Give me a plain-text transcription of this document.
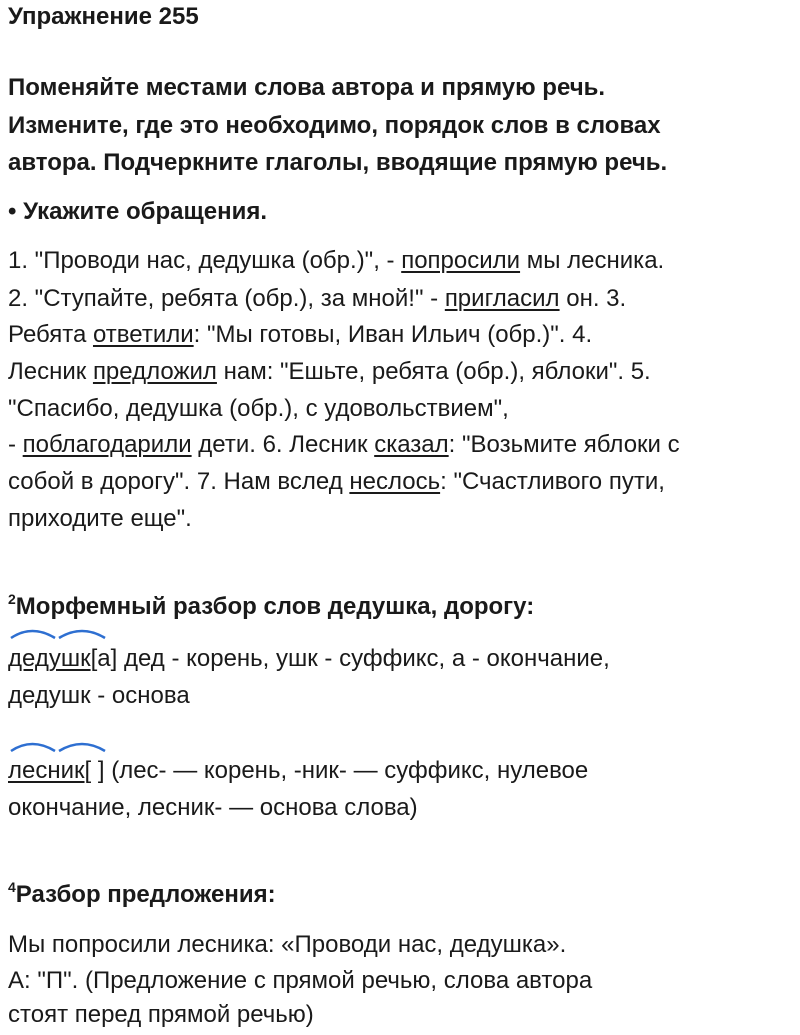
Упражнение 255
Поменяйте местами слова автора и прямую речь.
Измените, где это необходимо, порядок слов в словах
автора. Подчеркните глаголы, вводящие прямую речь.
• Укажите обращения.
1. "Проводи нас, дедушка (обр.)", - попросили мы лесника.
2. "Ступайте, ребята (обр.), за мной!" - пригласил он. 3.
Ребята ответили: "Мы готовы, Иван Ильич (обр.)". 4.
Лесник предложил нам: "Ешьте, ребята (обр.), яблоки". 5.
"Спасибо, дедушка (обр.), с удовольствием",
- поблагодарили дети. 6. Лесник сказал: "Возьмите яблоки с
собой в дорогу". 7. Нам вслед неслось: "Счастливого пути,
приходите еще".
$^2$Морфемный разбор слов дедушка, дорогу:
дедушк[а] дед - корень, ушк - суффикс, а - окончание,
дедушк - основа
лесник[ ] (лес- — корень, -ник- — суффикс, нулевое
окончание, лесник- — основа слова)
$^4$Разбор предложения:
Мы попросили лесника: «Проводи нас, дедушка».
А: "П". (Предложение с прямой речью, слова автора
стоят перед прямой речью)
